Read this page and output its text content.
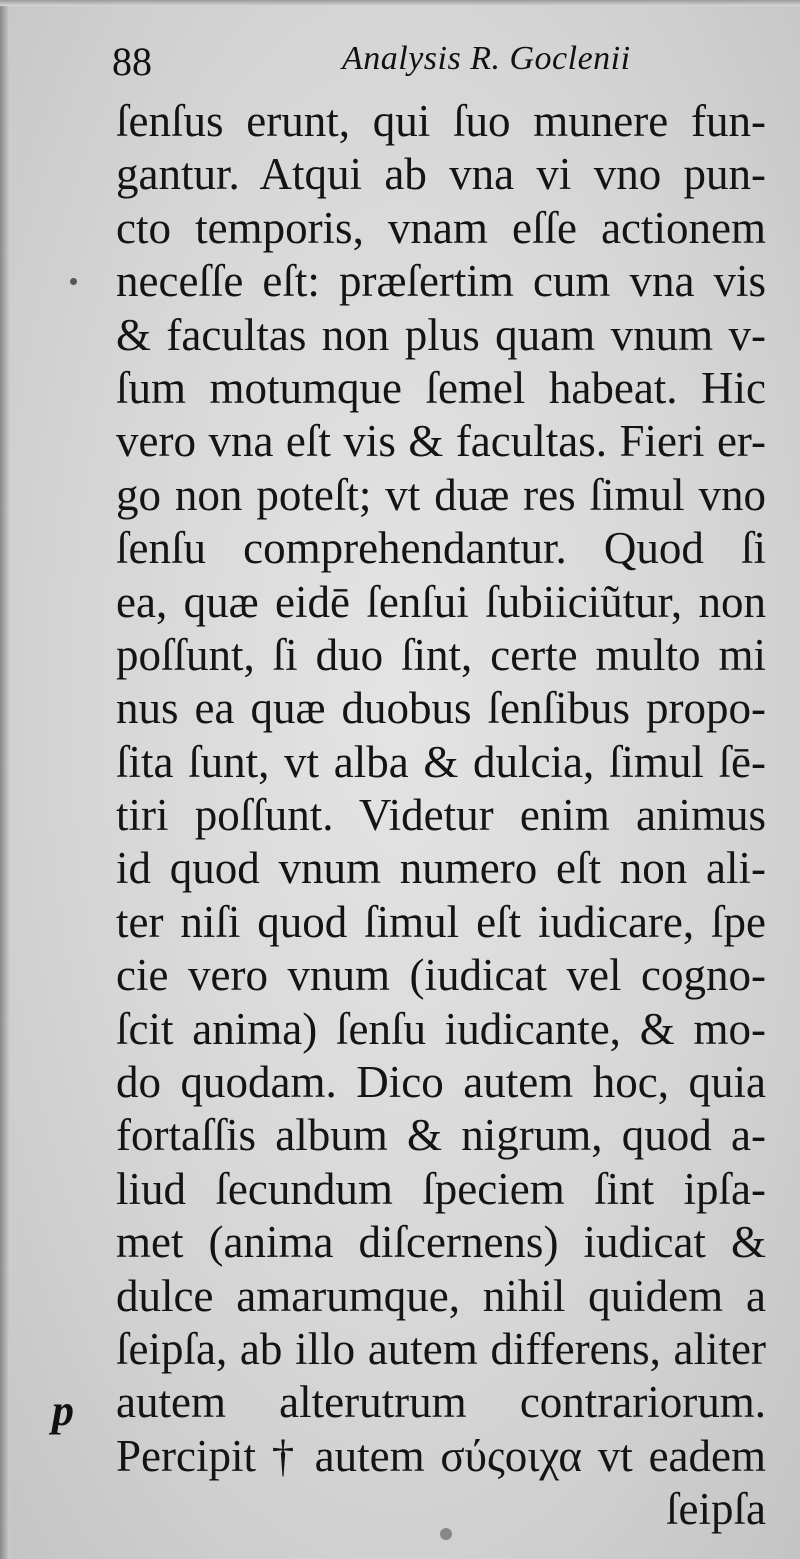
88	Analysis R. Goclenii
p
ſenſus erunt, qui ſuo munere fun-
gantur. Atqui ab vna vi vno pun-
cto temporis, vnam eſſe actionem
neceſſe eſt: præſertim cum vna vis
& facultas non plus quam vnum v-
ſum motumque ſemel habeat. Hic
vero vna eſt vis & facultas. Fieri er-
go non poteſt; vt duæ res ſimul vno
ſenſu comprehendantur. Quod ſi
ea, quæ eidē ſenſui ſubiiciũtur, non
poſſunt, ſi duo ſint, certe multo mi
nus ea quæ duobus ſenſibus propo-
ſita ſunt, vt alba & dulcia, ſimul ſē-
tiri poſſunt. Videtur enim animus
id quod vnum numero eſt non ali-
ter niſi quod ſimul eſt iudicare, ſpe
cie vero vnum (iudicat vel cogno-
ſcit anima) ſenſu iudicante, & mo-
do quodam. Dico autem hoc, quia
fortaſſis album & nigrum, quod a-
liud ſecundum ſpeciem ſint ipſa-
met (anima diſcernens) iudicat &
dulce amarumque, nihil quidem a
ſeipſa, ab illo autem differens, aliter
autem alterutrum contrariorum.
Percipit † autem σύςοιχα vt eadem
ſeipſa
